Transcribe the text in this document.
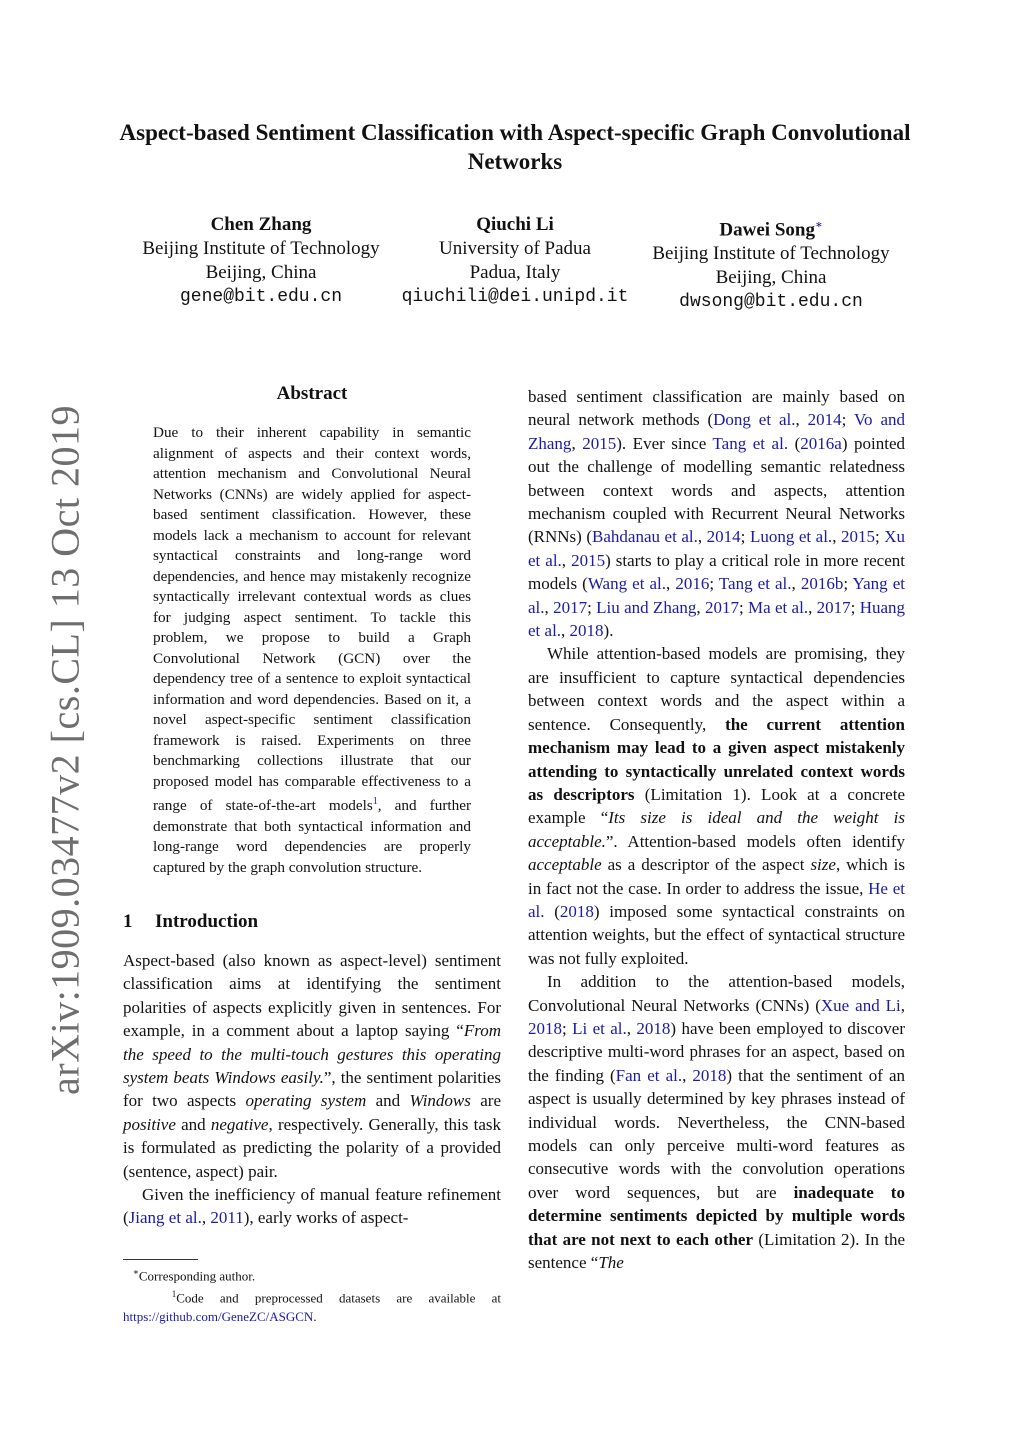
arXiv:1909.03477v2 [cs.CL] 13 Oct 2019
Aspect-based Sentiment Classification with Aspect-specific Graph Convolutional Networks
Chen Zhang
Beijing Institute of Technology
Beijing, China
gene@bit.edu.cn
Qiuchi Li
University of Padua
Padua, Italy
qiuchili@dei.unipd.it
Dawei Song∗
Beijing Institute of Technology
Beijing, China
dwsong@bit.edu.cn
Abstract

Due to their inherent capability in semantic alignment of aspects and their context words, attention mechanism and Convolutional Neural Networks (CNNs) are widely applied for aspect-based sentiment classification. However, these models lack a mechanism to account for relevant syntactical constraints and long-range word dependencies, and hence may mistakenly recognize syntactically irrelevant contextual words as clues for judging aspect sentiment. To tackle this problem, we propose to build a Graph Convolutional Network (GCN) over the dependency tree of a sentence to exploit syntactical information and word dependencies. Based on it, a novel aspect-specific sentiment classification framework is raised. Experiments on three benchmarking collections illustrate that our proposed model has comparable effectiveness to a range of state-of-the-art models$^1$, and further demonstrate that both syntactical information and long-range word dependencies are properly captured by the graph convolution structure.

1 Introduction

Aspect-based (also known as aspect-level) sentiment classification aims at identifying the sentiment polarities of aspects explicitly given in sentences. For example, in a comment about a laptop saying “From the speed to the multi-touch gestures this operating system beats Windows easily.”, the sentiment polarities for two aspects operating system and Windows are positive and negative, respectively. Generally, this task is formulated as predicting the polarity of a provided (sentence, aspect) pair.

Given the inefficiency of manual feature refinement (Jiang et al., 2011), early works of aspect-

∗Corresponding author.

$^1$Code and preprocessed datasets are available at https://github.com/GeneZC/ASGCN.

based sentiment classification are mainly based on neural network methods (Dong et al., 2014; Vo and Zhang, 2015). Ever since Tang et al. (2016a) pointed out the challenge of modelling semantic relatedness between context words and aspects, attention mechanism coupled with Recurrent Neural Networks (RNNs) (Bahdanau et al., 2014; Luong et al., 2015; Xu et al., 2015) starts to play a critical role in more recent models (Wang et al., 2016; Tang et al., 2016b; Yang et al., 2017; Liu and Zhang, 2017; Ma et al., 2017; Huang et al., 2018).

While attention-based models are promising, they are insufficient to capture syntactical dependencies between context words and the aspect within a sentence. Consequently, the current attention mechanism may lead to a given aspect mistakenly attending to syntactically unrelated context words as descriptors (Limitation 1). Look at a concrete example “Its size is ideal and the weight is acceptable.”. Attention-based models often identify acceptable as a descriptor of the aspect size, which is in fact not the case. In order to address the issue, He et al. (2018) imposed some syntactical constraints on attention weights, but the effect of syntactical structure was not fully exploited.

In addition to the attention-based models, Convolutional Neural Networks (CNNs) (Xue and Li, 2018; Li et al., 2018) have been employed to discover descriptive multi-word phrases for an aspect, based on the finding (Fan et al., 2018) that the sentiment of an aspect is usually determined by key phrases instead of individual words. Nevertheless, the CNN-based models can only perceive multi-word features as consecutive words with the convolution operations over word sequences, but are inadequate to determine sentiments depicted by multiple words that are not next to each other (Limitation 2). In the sentence “The
